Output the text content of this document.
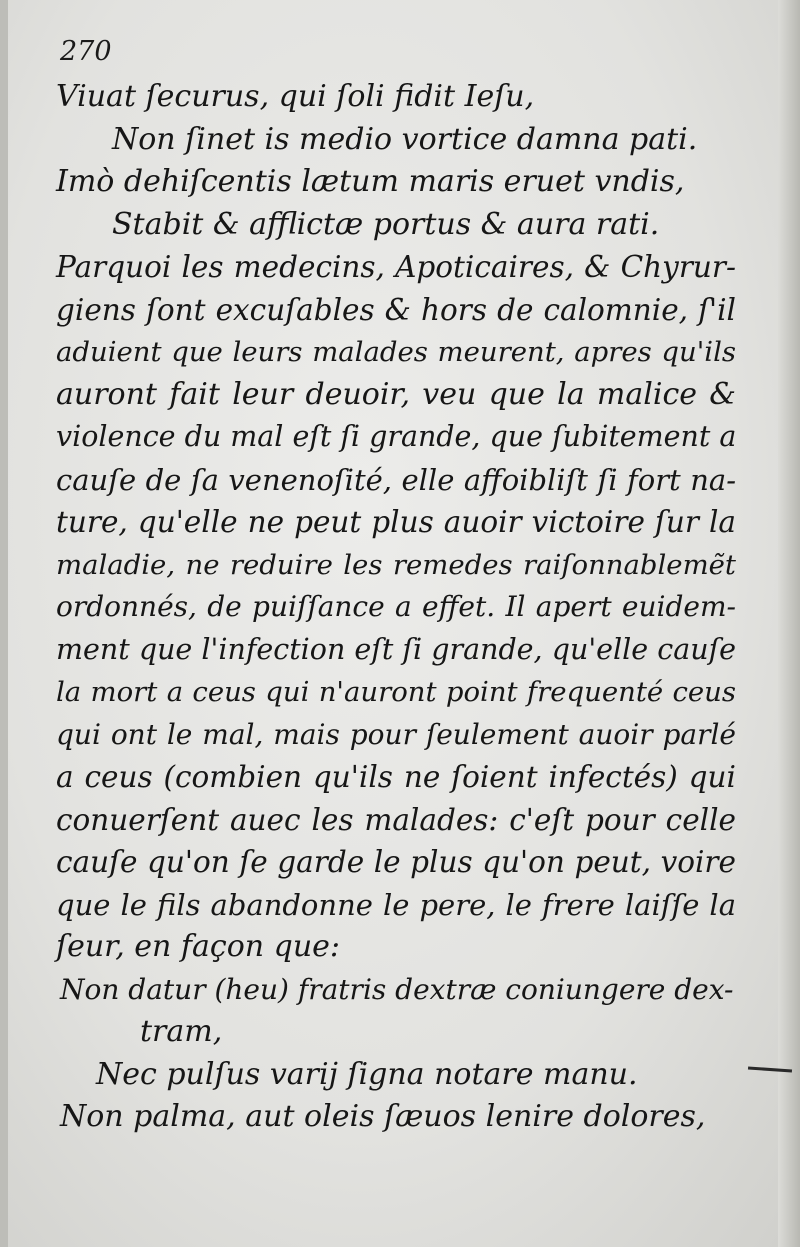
270
Viuat ſecurus, qui ſoli fidit Ieſu,
Non ſinet is medio vortice damna pati.
Imò dehiſcentis lætum maris eruet vndis,
Stabit & afflictæ portus & aura rati.
Parquoi les medecins, Apoticaires, & Chyrur-
giens ſont excuſables & hors de calomnie, ſ'il
aduient que leurs malades meurent, apres qu'ils
auront fait leur deuoir, veu que la malice &
violence du mal eſt ſi grande, que ſubitement a
cauſe de ſa venenoſité, elle affoibliſt ſi fort na-
ture, qu'elle ne peut plus auoir victoire ſur la
maladie, ne reduire les remedes raiſonnablemẽt
ordonnés, de puiſſance a effet. Il apert euidem-
ment que l'infection eſt ſi grande, qu'elle cauſe
la mort a ceus qui n'auront point frequenté ceus
qui ont le mal, mais pour ſeulement auoir parlé
a ceus (combien qu'ils ne ſoient infectés) qui
conuerſent auec les malades: c'eſt pour celle
cauſe qu'on ſe garde le plus qu'on peut, voire
que le fils abandonne le pere, le frere laiſſe la
ſeur, en façon que:
Non datur (heu) fratris dextræ coniungere dex-
tram,
Nec pulſus varij ſigna notare manu.
Non palma, aut oleis ſæuos lenire dolores,
